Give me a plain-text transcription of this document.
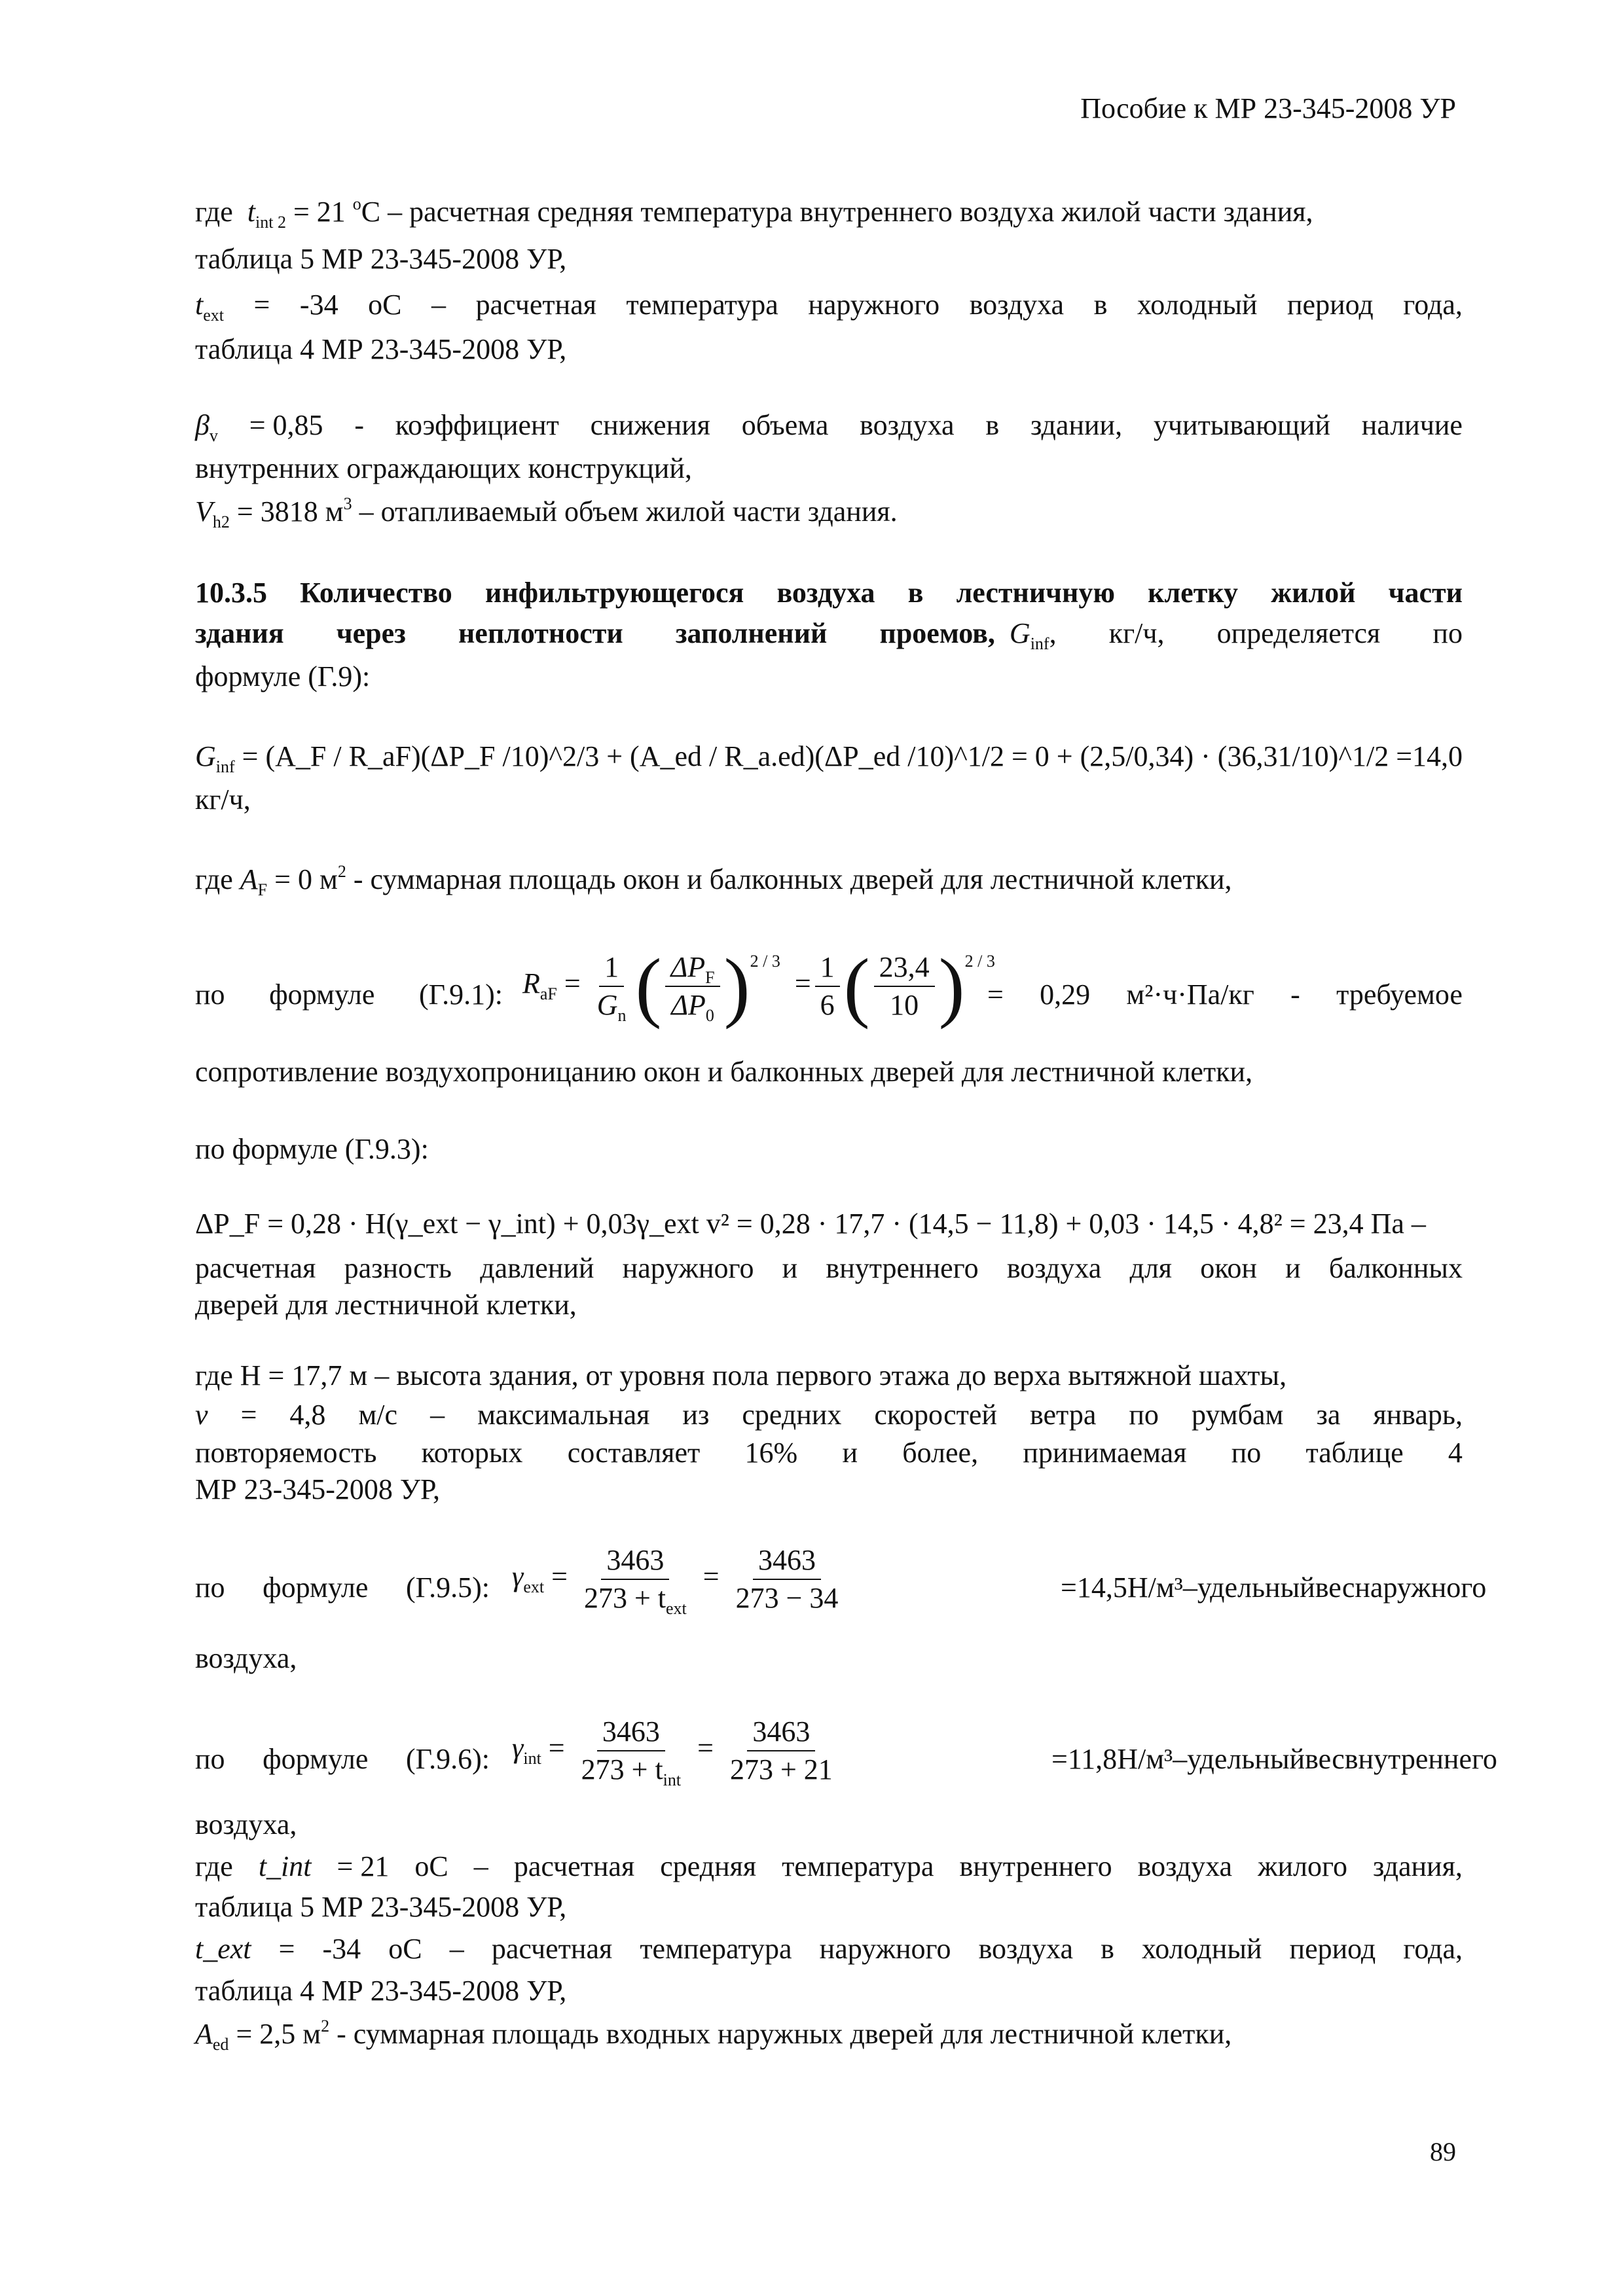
Пособие к МР 23-345-2008 УР
где $t_{int 2} = 21$ $^o$С – расчетная средняя температура внутреннего воздуха жилой части здания,
таблица 5 МР 23-345-2008 УР,
$t_{ext} = -34$ oС – расчетная температура наружного воздуха в холодный период года,
таблица 4 МР 23-345-2008 УР,
$\beta_v = 0,85$ - коэффициент снижения объема воздуха в здании, учитывающий наличие
внутренних ограждающих конструкций,
$V_{h2} = 3818$ $м^3$ – отапливаемый объем жилой части здания.
10.3.5 Количество инфильтрующегося воздуха в лестничную клетку жилой части
здания через неплотности заполнений проемов, $G_{inf}$, кг/ч, определяется по
формуле (Г.9):
$G_{inf}$ = (A_F / R_aF)(ΔP_F /10)^2/3 + (A_ed / R_a.ed)(ΔP_ed /10)^1/2 = 0 + (2,5/0,34) · (36,31/10)^1/2 = 14,0
кг/ч,
где $A_F = 0$ $м^2$ - суммарная площадь окон и балконных дверей для лестничной клетки,
по формуле (Г.9.1): $R_{aF} = \frac{1}{G_n}$ ( $\frac{\Delta P_F}{\Delta P_0} )^{2 / 3} = \frac{1}{6}$ ( $\frac{23,4}{10} )^{2 / 3}$
= 0,29 м²·ч·Па/кг - требуемое
сопротивление воздухопроницанию окон и балконных дверей для лестничной клетки,
по формуле (Г.9.3):
ΔP_F = 0,28 · H(γ_ext − γ_int) + 0,03γ_ext v² = 0,28 · 17,7 · (14,5 − 11,8) + 0,03 · 14,5 · 4,8² = 23,4 Па –
расчетная разность давлений наружного и внутреннего воздуха для окон и балконных
дверей для лестничной клетки,
где H = 17,7 м – высота здания, от уровня пола первого этажа до верха вытяжной шахты,
v = 4,8 м/с – максимальная из средних скоростей ветра по румбам за январь,
повторяемость которых составляет 16% и более, принимаемая по таблице 4
МР 23-345-2008 УР,
по формуле (Г.9.5): $\gamma_{ext} = \frac{3463}{273 + t_{ext}} = \frac{3463}{273 - 34}$	=14,5 Н/м³ – удельный вес наружного
воздуха,
по формуле (Г.9.6): $\gamma_{int} = \frac{3463}{273 + t_{int}} = \frac{3463}{273 + 21}$	=11,8 Н/м³ – удельный вес внутреннего
воздуха,
где t_int = 21 oС – расчетная средняя температура внутреннего воздуха жилого здания,
таблица 5 МР 23-345-2008 УР,
t_ext = -34 oС – расчетная температура наружного воздуха в холодный период года,
таблица 4 МР 23-345-2008 УР,
$A_{ed} = 2,5$ $м^2$ - суммарная площадь входных наружных дверей для лестничной клетки,
89
